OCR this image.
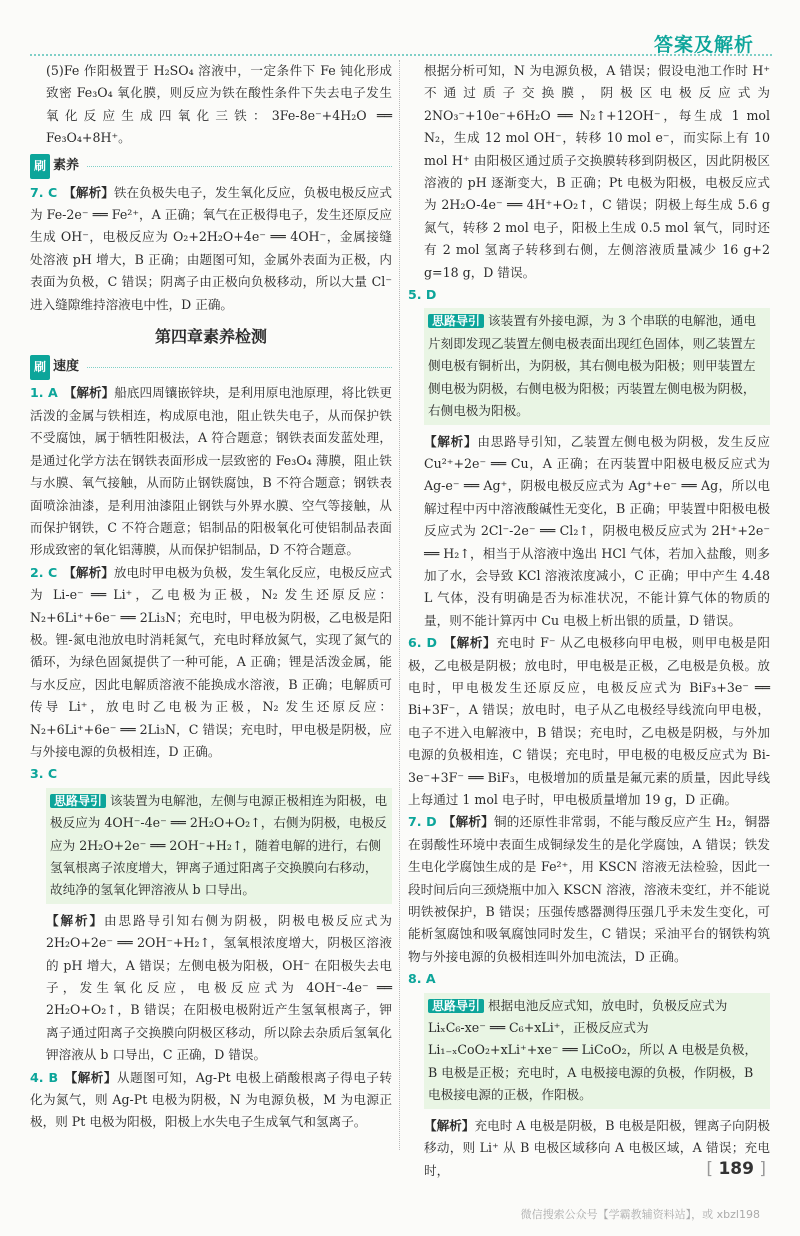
答案及解析

(5)Fe 作阳极置于 H₂SO₄ 溶液中，一定条件下 Fe 钝化形成致密 Fe₃O₄ 氧化膜，则反应为铁在酸性条件下失去电子发生氧化反应生成四氧化三铁：3Fe-8e⁻+4H₂O ══ Fe₃O₄+8H⁺。

刷 素养

7. C 【解析】铁在负极失电子，发生氧化反应，负极电极反应式为 Fe-2e⁻ ══ Fe²⁺，A 正确；氧气在正极得电子，发生还原反应生成 OH⁻，电极反应为 O₂+2H₂O+4e⁻ ══ 4OH⁻，金属接缝处溶液 pH 增大，B 正确；由题图可知，金属外表面为正极，内表面为负极，C 错误；阴离子由正极向负极移动，所以大量 Cl⁻ 进入缝隙维持溶液电中性，D 正确。

第四章素养检测
刷 速度

1. A 【解析】船底四周镶嵌锌块，是利用原电池原理，将比铁更活泼的金属与铁相连，构成原电池，阻止铁失电子，从而保护铁不受腐蚀，属于牺牲阳极法，A 符合题意；钢铁表面发蓝处理，是通过化学方法在钢铁表面形成一层致密的 Fe₃O₄ 薄膜，阻止铁与水膜、氧气接触，从而防止钢铁腐蚀，B 不符合题意；钢铁表面喷涂油漆，是利用油漆阻止钢铁与外界水膜、空气等接触，从而保护钢铁，C 不符合题意；铝制品的阳极氧化可使铝制品表面形成致密的氧化铝薄膜，从而保护铝制品，D 不符合题意。

2. C 【解析】放电时甲电极为负极，发生氧化反应，电极反应式为 Li-e⁻ ══ Li⁺，乙电极为正极，N₂ 发生还原反应：N₂+6Li⁺+6e⁻ ══ 2Li₃N；充电时，甲电极为阴极，乙电极是阳极。锂-氮电池放电时消耗氮气，充电时释放氮气，实现了氮气的循环，为绿色固氮提供了一种可能，A 正确；锂是活泼金属，能与水反应，因此电解质溶液不能换成水溶液，B 正确；电解质可传导 Li⁺，放电时乙电极为正极，N₂ 发生还原反应：N₂+6Li⁺+6e⁻ ══ 2Li₃N，C 错误；充电时，甲电极是阴极，应与外接电源的负极相连，D 正确。

3. C

思路导引 该装置为电解池，左侧与电源正极相连为阳极，电极反应为 4OH⁻-4e⁻ ══ 2H₂O+O₂↑，右侧为阴极，电极反应为 2H₂O+2e⁻ ══ 2OH⁻+H₂↑，随着电解的进行，右侧氢氧根离子浓度增大，钾离子通过阳离子交换膜向右移动，故纯净的氢氧化钾溶液从 b 口导出。

【解析】由思路导引知右侧为阴极，阴极电极反应式为 2H₂O+2e⁻ ══ 2OH⁻+H₂↑，氢氧根浓度增大，阴极区溶液的 pH 增大，A 错误；左侧电极为阳极，OH⁻ 在阳极失去电子，发生氧化反应，电极反应式为 4OH⁻-4e⁻ ══ 2H₂O+O₂↑，B 错误；在阳极电极附近产生氢氧根离子，钾离子通过阳离子交换膜向阴极区移动，所以除去杂质后氢氧化钾溶液从 b 口导出，C 正确，D 错误。

4. B 【解析】从题图可知，Ag-Pt 电极上硝酸根离子得电子转化为氮气，则 Ag-Pt 电极为阴极，N 为电源负极，M 为电源正极，则 Pt 电极为阳极，阳极上水失电子生成氧气和氢离子。

根据分析可知，N 为电源负极，A 错误；假设电池工作时 H⁺ 不通过质子交换膜，阴极区电极反应式为 2NO₃⁻+10e⁻+6H₂O ══ N₂↑+12OH⁻，每生成 1 mol N₂，生成 12 mol OH⁻，转移 10 mol e⁻，而实际上有 10 mol H⁺ 由阳极区通过质子交换膜转移到阴极区，因此阴极区溶液的 pH 逐渐变大，B 正确；Pt 电极为阳极，电极反应式为 2H₂O-4e⁻ ══ 4H⁺+O₂↑，C 错误；阴极上每生成 5.6 g 氮气，转移 2 mol 电子，阳极上生成 0.5 mol 氧气，同时还有 2 mol 氢离子转移到右侧，左侧溶液质量减少 16 g+2 g=18 g，D 错误。

5. D

思路导引 该装置有外接电源，为 3 个串联的电解池，通电片刻即发现乙装置左侧电极表面出现红色固体，则乙装置左侧电极有铜析出，为阴极，其右侧电极为阳极；则甲装置左侧电极为阴极，右侧电极为阳极；丙装置左侧电极为阴极，右侧电极为阳极。

【解析】由思路导引知，乙装置左侧电极为阴极，发生反应 Cu²⁺+2e⁻ ══ Cu，A 正确；在丙装置中阳极电极反应式为 Ag-e⁻ ══ Ag⁺，阴极电极反应式为 Ag⁺+e⁻ ══ Ag，所以电解过程中丙中溶液酸碱性无变化，B 正确；甲装置中阳极电极反应式为 2Cl⁻-2e⁻ ══ Cl₂↑，阴极电极反应式为 2H⁺+2e⁻ ══ H₂↑，相当于从溶液中逸出 HCl 气体，若加入盐酸，则多加了水，会导致 KCl 溶液浓度减小，C 正确；甲中产生 4.48 L 气体，没有明确是否为标准状况，不能计算气体的物质的量，则不能计算丙中 Cu 电极上析出银的质量，D 错误。

6. D 【解析】充电时 F⁻ 从乙电极移向甲电极，则甲电极是阳极，乙电极是阴极；放电时，甲电极是正极，乙电极是负极。放电时，甲电极发生还原反应，电极反应式为 BiF₃+3e⁻ ══ Bi+3F⁻，A 错误；放电时，电子从乙电极经导线流向甲电极，电子不进入电解液中，B 错误；充电时，乙电极是阴极，与外加电源的负极相连，C 错误；充电时，甲电极的电极反应式为 Bi-3e⁻+3F⁻ ══ BiF₃，电极增加的质量是氟元素的质量，因此导线上每通过 1 mol 电子时，甲电极质量增加 19 g，D 正确。

7. D 【解析】铜的还原性非常弱，不能与酸反应产生 H₂，铜器在弱酸性环境中表面生成铜绿发生的是化学腐蚀，A 错误；铁发生电化学腐蚀生成的是 Fe²⁺，用 KSCN 溶液无法检验，因此一段时间后向三颈烧瓶中加入 KSCN 溶液，溶液未变红，并不能说明铁被保护，B 错误；压强传感器测得压强几乎未发生变化，可能析氢腐蚀和吸氧腐蚀同时发生，C 错误；采油平台的钢铁构筑物与外接电源的负极相连叫外加电流法，D 正确。

8. A

思路导引 根据电池反应式知，放电时，负极反应式为 LiₓC₆-xe⁻ ══ C₆+xLi⁺，正极反应式为 Li₁₋ₓCoO₂+xLi⁺+xe⁻ ══ LiCoO₂，所以 A 电极是负极，B 电极是正极；充电时，A 电极接电源的负极，作阴极，B 电极接电源的正极，作阳极。

【解析】充电时 A 电极是阴极，B 电极是阳极，锂离子向阴极移动，则 Li⁺ 从 B 电极区域移向 A 电极区域，A 错误；充电时，	[ 189 ]
微信搜索公众号【学霸教辅资料站】，或 xbzl198
